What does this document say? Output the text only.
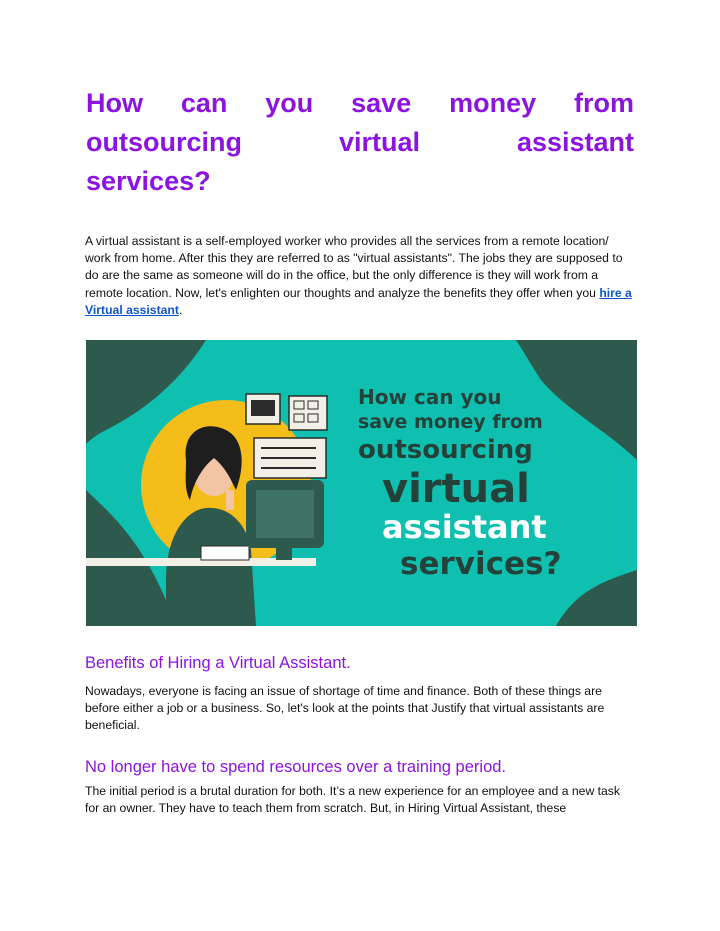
How can you save money from
outsourcing virtual assistant
services?

A virtual assistant is a self-employed worker who provides all the services from a remote location/ work from home. After this they are referred to as "virtual assistants". The jobs they are supposed to do are the same as someone will do in the office, but the only difference is they will work from a remote location. Now, let's enlighten our thoughts and analyze the benefits they offer when you hire a Virtual assistant.

How can you
save money from
outsourcing
virtual
assistant
services?
Benefits of Hiring a Virtual Assistant.

Nowadays, everyone is facing an issue of shortage of time and finance. Both of these things are before either a job or a business. So, let's look at the points that Justify that virtual assistants are beneficial.

No longer have to spend resources over a training period.

The initial period is a brutal duration for both. It’s a new experience for an employee and a new task for an owner. They have to teach them from scratch. But, in Hiring Virtual Assistant, these
